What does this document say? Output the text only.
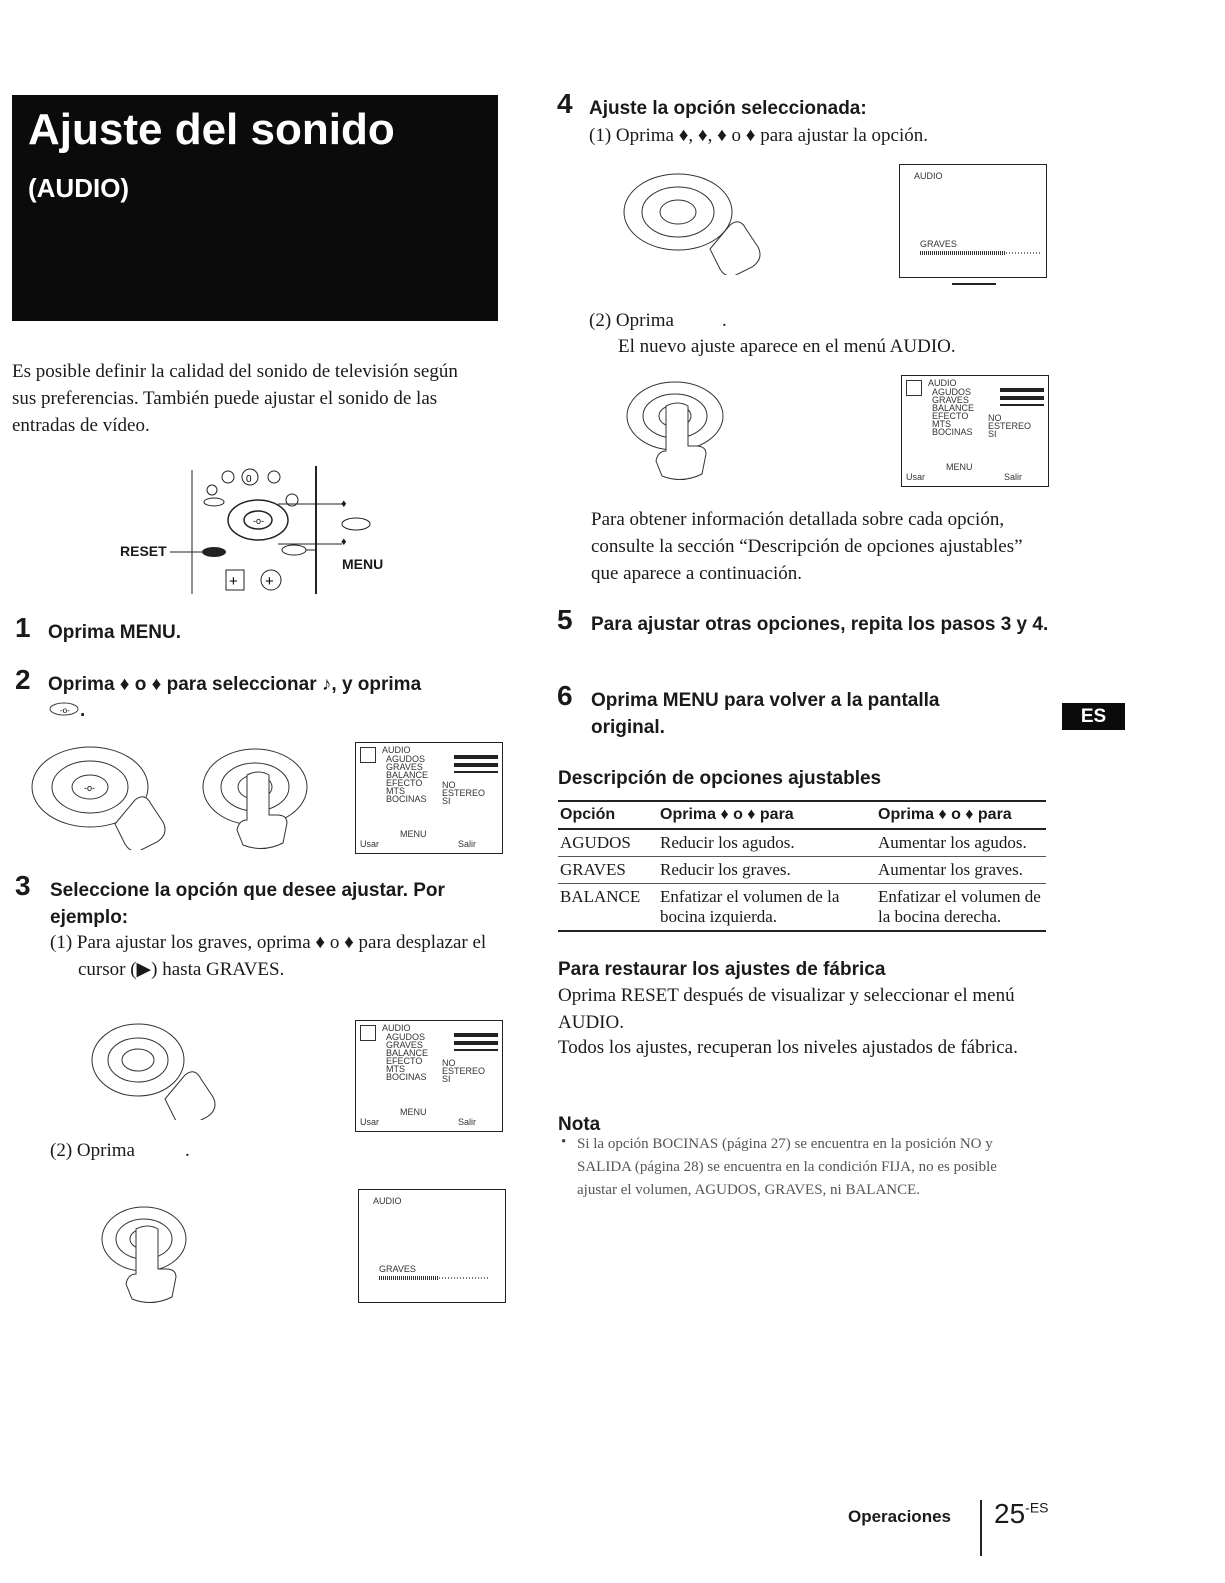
Ajuste del sonido
(AUDIO)
Es posible definir la calidad del sonido de televisión según sus preferencias. También puede ajustar el sonido de las entradas de vídeo.
0
-o-
+ +
RESET
MENU
♦
♦
1 Oprima MENU.
2 Oprima ♦ o ♦ para seleccionar ♪, y oprima
-o- .
-o-
AUDIO
AGUDOS
GRAVES
BALANCE
EFECTO
MTS
BOCINAS
NO
ESTEREO
SI
MENU
Usar	Salir
3 Seleccione la opción que desee ajustar. Por ejemplo:
(1) Para ajustar los graves, oprima ♦ o ♦ para desplazar el cursor (▶) hasta GRAVES.
AUDIO
AGUDOS
GRAVES
BALANCE
EFECTO
MTS
BOCINAS
NO
ESTEREO
SI
MENU
Usar	Salir
(2) Oprima	.
AUDIO
GRAVES
4 Ajuste la opción seleccionada:
(1) Oprima ♦, ♦, ♦ o ♦ para ajustar la opción.
AUDIO
GRAVES
(2) Oprima	.
El nuevo ajuste aparece en el menú AUDIO.
AUDIO
AGUDOS
GRAVES
BALANCE
EFECTO
MTS
BOCINAS
NO
ESTEREO
SI
MENU
Usar	Salir
Para obtener información detallada sobre cada opción, consulte la sección “Descripción de opciones ajustables” que aparece a continuación.
5 Para ajustar otras opciones, repita los pasos 3 y 4.
6 Oprima MENU para volver a la pantalla original.
ES
Descripción de opciones ajustables
Opción	Oprima ♦ o ♦ para	Oprima ♦ o ♦ para
AGUDOS	Reducir los agudos.	Aumentar los agudos.
GRAVES	Reducir los graves.	Aumentar los graves.
BALANCE	Enfatizar el volumen de la bocina izquierda.	Enfatizar el volumen de la bocina derecha.
Para restaurar los ajustes de fábrica
Oprima RESET después de visualizar y seleccionar el menú AUDIO.
Todos los ajustes, recuperan los niveles ajustados de fábrica.
Nota
• Si la opción BOCINAS (página 27) se encuentra en la posición NO y SALIDA (página 28) se encuentra en la condición FIJA, no es posible ajustar el volumen, AGUDOS, GRAVES, ni BALANCE.
Operaciones $25^{-ES}$
